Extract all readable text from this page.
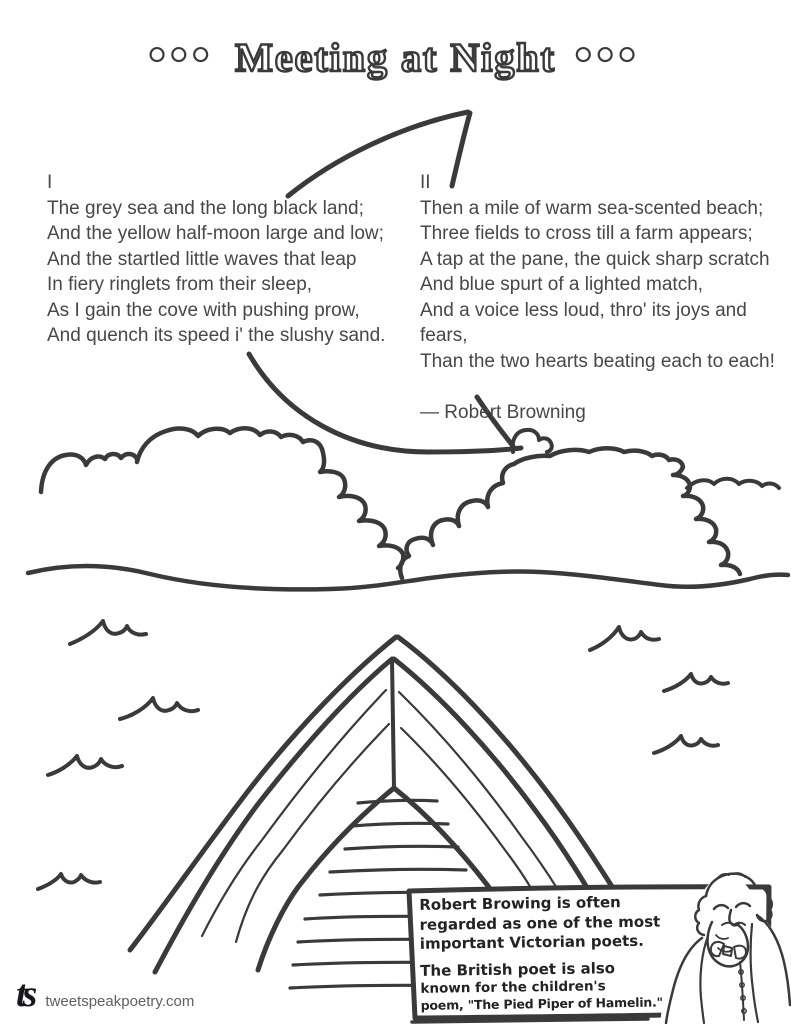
●●● Meeting at Night ●●●
I
The grey sea and the long black land;
And the yellow half-moon large and low;
And the startled little waves that leap
In fiery ringlets from their sleep,
As I gain the cove with pushing prow,
And quench its speed i' the slushy sand.
II
Then a mile of warm sea-scented beach;
Three fields to cross till a farm appears;
A tap at the pane, the quick sharp scratch
And blue spurt of a lighted match,
And a voice less loud, thro' its joys and fears,
Than the two hearts beating each to each!
— Robert Browning
Robert Browing is often
regarded as one of the most
important Victorian poets.
The British poet is also
known for the children's
poem, "The Pied Piper of Hamelin."
ts tweetspeakpoetry.com
